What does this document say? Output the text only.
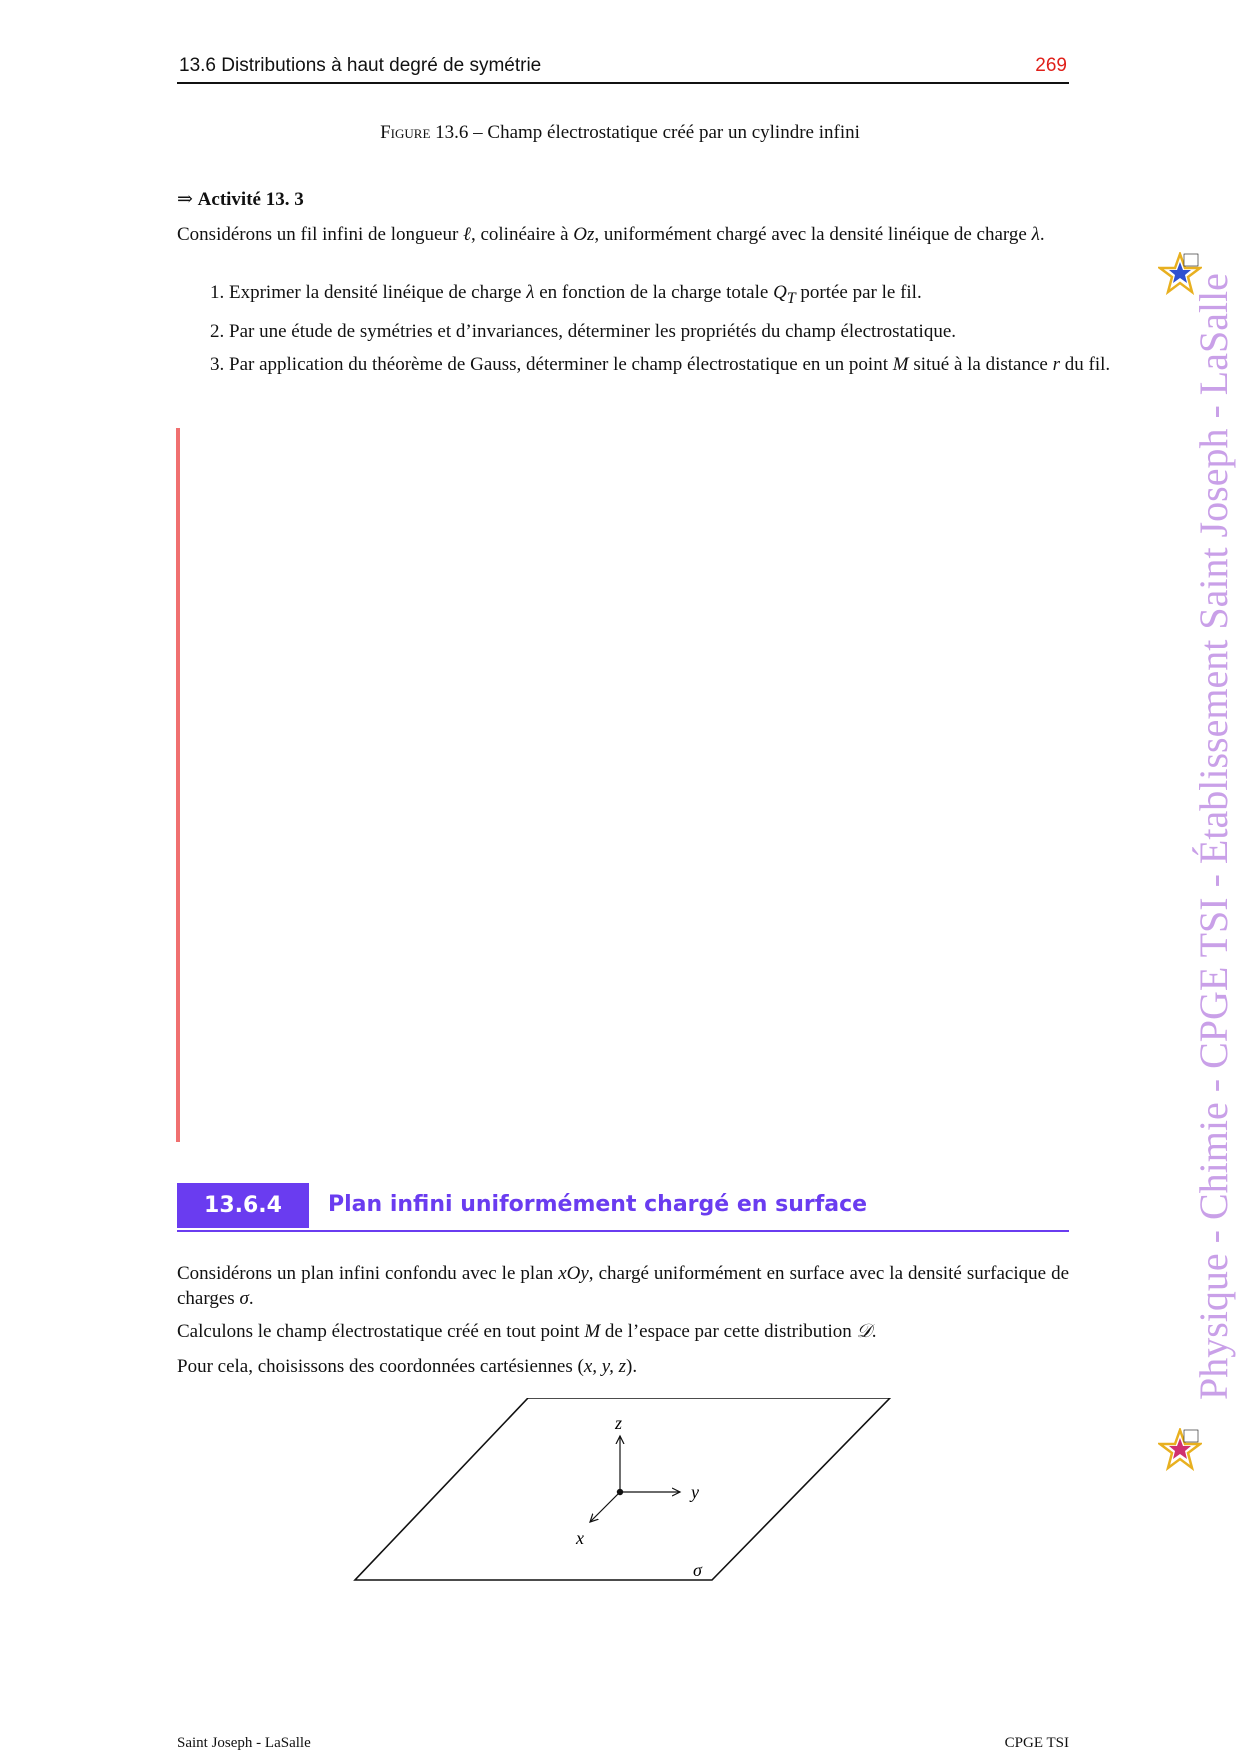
13.6 Distributions à haut degré de symétrie	269
Figure 13.6 – Champ électrostatique créé par un cylindre infini
⇒ Activité 13. 3
Considérons un fil infini de longueur ℓ, colinéaire à Oz, uniformément chargé avec la densité linéique de charge λ.
1. Exprimer la densité linéique de charge λ en fonction de la charge totale $Q_T$ portée par le fil.
2. Par une étude de symétries et d’invariances, déterminer les propriétés du champ électrostatique.
3. Par application du théorème de Gauss, déterminer le champ électrostatique en un point M situé à la distance r du fil.
13.6.4 Plan infini uniformément chargé en surface
Considérons un plan infini confondu avec le plan xOy, chargé uniformément en surface avec la densité surfacique de charges σ.
Calculons le champ électrostatique créé en tout point M de l’espace par cette distribution 𝒟.
Pour cela, choisissons des coordonnées cartésiennes (x, y, z).
z
y
x
σ
Physique - Chimie - CPGE TSI - Établissement Saint Joseph - LaSalle
Saint Joseph - LaSalle	CPGE TSI
